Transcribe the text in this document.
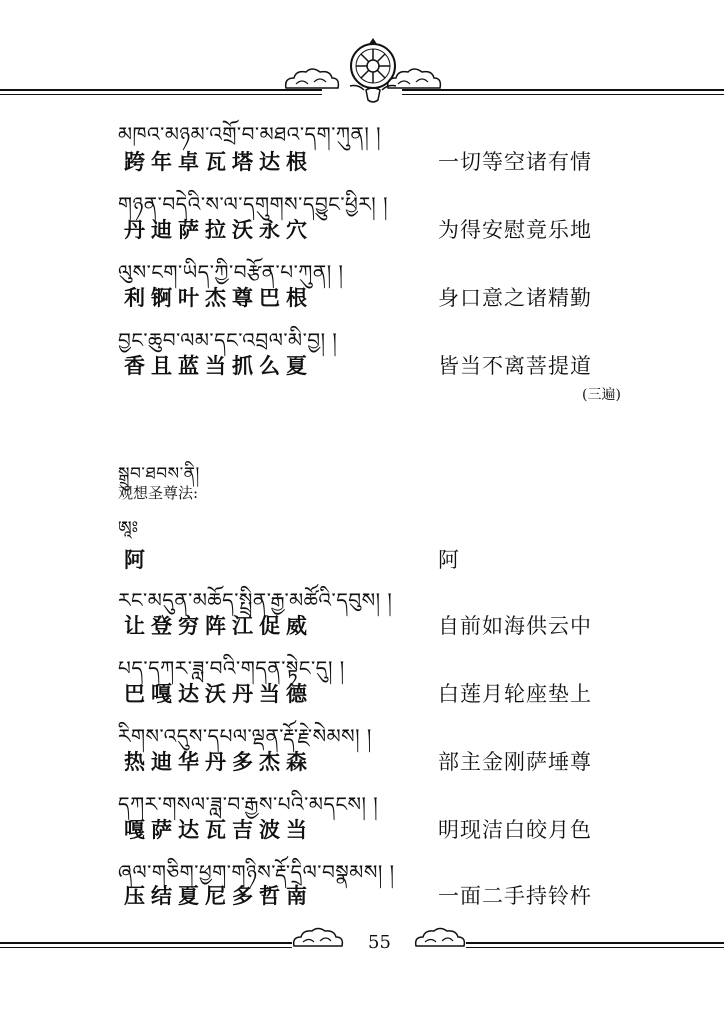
མཁའ་མཉམ་འགྲོ་བ་མཐའ་དག་ཀུན། །
跨年卓瓦塔达根	一切等空诸有情
གཉན་བདེའི་ས་ལ་དགུགས་དབྱུང་ཕྱིར། །
丹迪萨拉沃永穴	为得安慰竟乐地
ལུས་ངག་ཡིད་ཀྱི་བརྩོན་པ་ཀུན། །
利锕叶杰尊巴根	身口意之诸精勤
བྱང་ཆུབ་ལམ་དང་འབྲལ་མི་བྱ། །
香且蓝当抓么夏	皆当不离菩提道
(三遍)
སྒྲུབ་ཐབས་ནི།
观想圣尊法:
ཨཱཿ
阿	阿
རང་མདུན་མཆོད་སྤྲིན་རྒྱ་མཚོའི་དབུས། །
让登穷阵江促威	自前如海供云中
པད་དཀར་ཟླ་བའི་གདན་སྟེང་དུ། །
巴嘎达沃丹当德	白莲月轮座垫上
རིགས་འདུས་དཔལ་ལྡན་རྡོ་རྗེ་སེམས། །
热迪华丹多杰森	部主金刚萨埵尊
དཀར་གསལ་ཟླ་བ་རྒྱས་པའི་མདངས། །
嘎萨达瓦吉波当	明现洁白皎月色
ཞལ་གཅིག་ཕྱག་གཉིས་རྡོ་དྲིལ་བསྣམས། །
压结夏尼多哲南	一面二手持铃杵
55
